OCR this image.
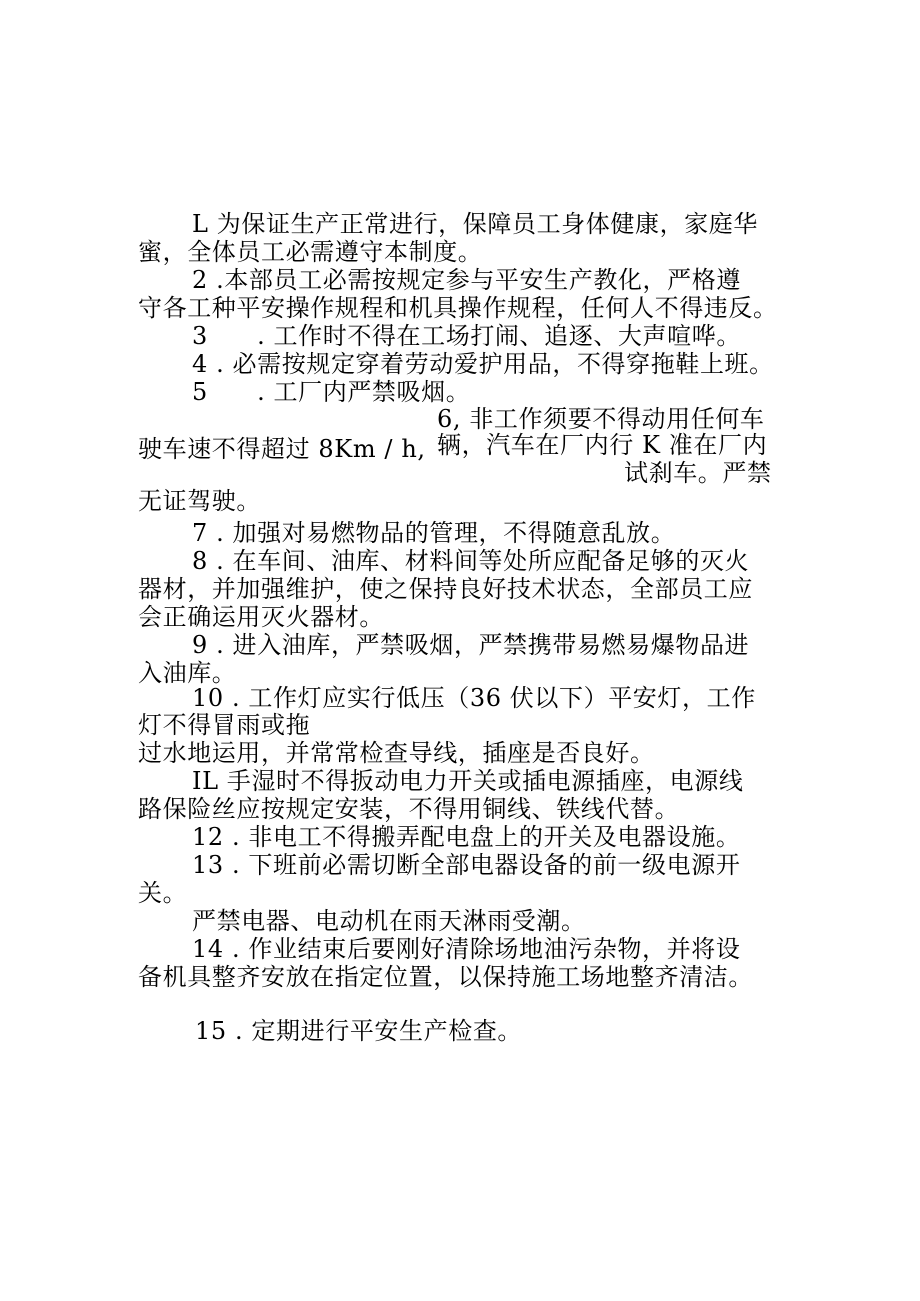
L 为保证生产正常进行，保障员工身体健康，家庭华
蜜，全体员工必需遵守本制度。
2 .本部员工必需按规定参与平安生产教化，严格遵
守各工种平安操作规程和机具操作规程，任何人不得违反。
3　　. 工作时不得在工场打闹、追逐、大声喧哗。
4 . 必需按规定穿着劳动爱护用品，不得穿拖鞋上班。
5　　. 工厂内严禁吸烟。
6, 非工作须要不得动用任何车
驶车速不得超过 8Km / h, 辆，汽车在厂内行 K 准在厂内
试刹车。严禁
无证驾驶。
7 . 加强对易燃物品的管理，不得随意乱放。
8 . 在车间、油库、材料间等处所应配备足够的灭火
器材，并加强维护，使之保持良好技术状态，全部员工应
会正确运用灭火器材。
9 . 进入油库，严禁吸烟，严禁携带易燃易爆物品进
入油库。
10 . 工作灯应实行低压（36 伏以下）平安灯，工作
灯不得冒雨或拖
过水地运用，并常常检查导线，插座是否良好。
IL 手湿时不得扳动电力开关或插电源插座，电源线
路保险丝应按规定安装，不得用铜线、铁线代替。
12 . 非电工不得搬弄配电盘上的开关及电器设施。
13 . 下班前必需切断全部电器设备的前一级电源开
关。
严禁电器、电动机在雨天淋雨受潮。
14 . 作业结束后要刚好清除场地油污杂物，并将设
备机具整齐安放在指定位置，以保持施工场地整齐清洁。
15 . 定期进行平安生产检查。
